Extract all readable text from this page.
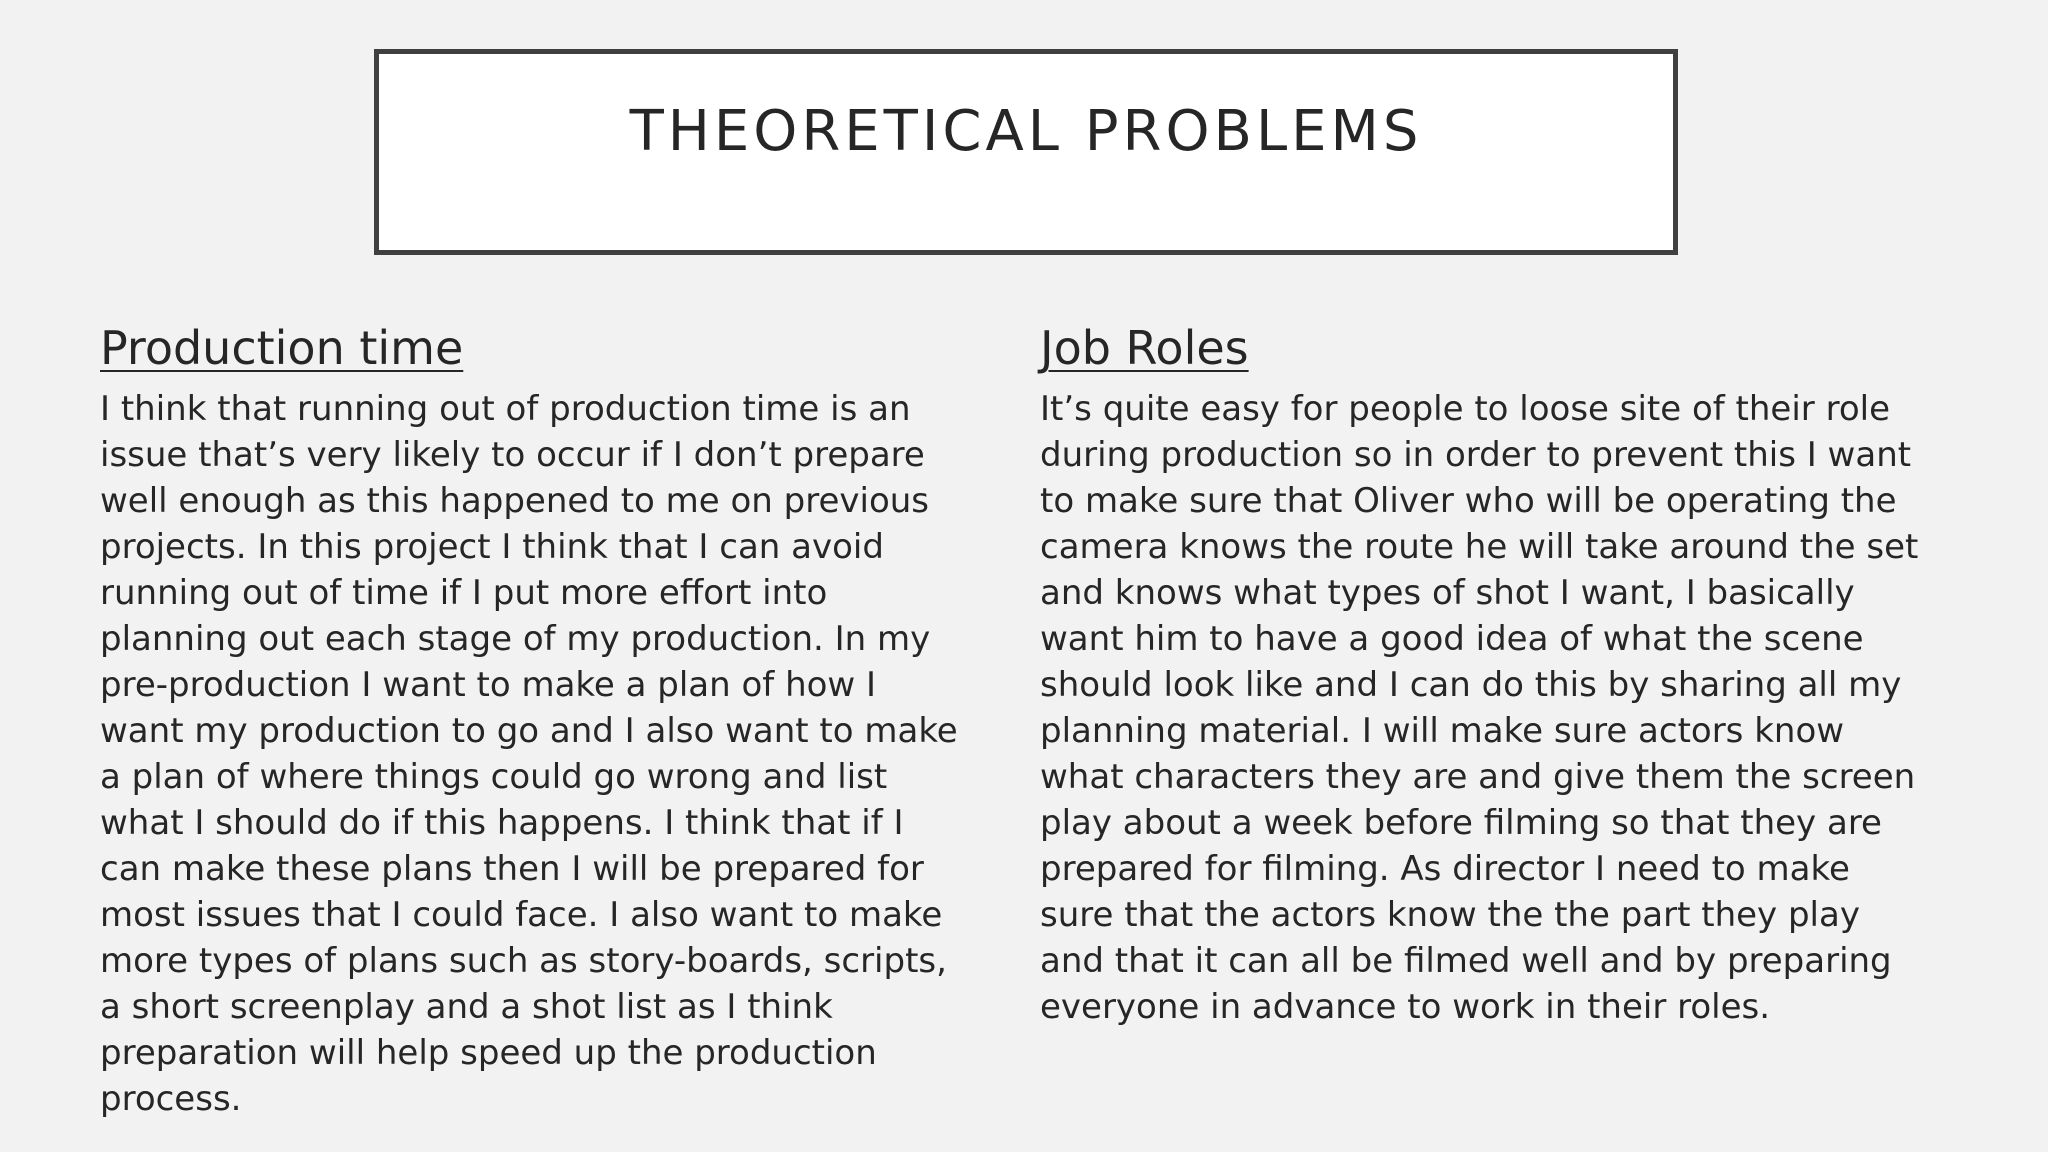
THEORETICAL PROBLEMS
Production time

I think that running out of production time is an issue that’s very likely to occur if I don’t prepare well enough as this happened to me on previous projects. In this project I think that I can avoid running out of time if I put more effort into planning out each stage of my production. In my pre-production I want to make a plan of how I want my production to go and I also want to make a plan of where things could go wrong and list what I should do if this happens. I think that if I can make these plans then I will be prepared for most issues that I could face. I also want to make more types of plans such as story-boards, scripts, a short screenplay and a shot list as I think preparation will help speed up the production process.

Job Roles

It’s quite easy for people to loose site of their role during production so in order to prevent this I want to make sure that Oliver who will be operating the camera knows the route he will take around the set and knows what types of shot I want, I basically want him to have a good idea of what the scene should look like and I can do this by sharing all my planning material. I will make sure actors know what characters they are and give them the screen play about a week before filming so that they are prepared for filming. As director I need to make sure that the actors know the the part they play and that it can all be filmed well and by preparing everyone in advance to work in their roles.
